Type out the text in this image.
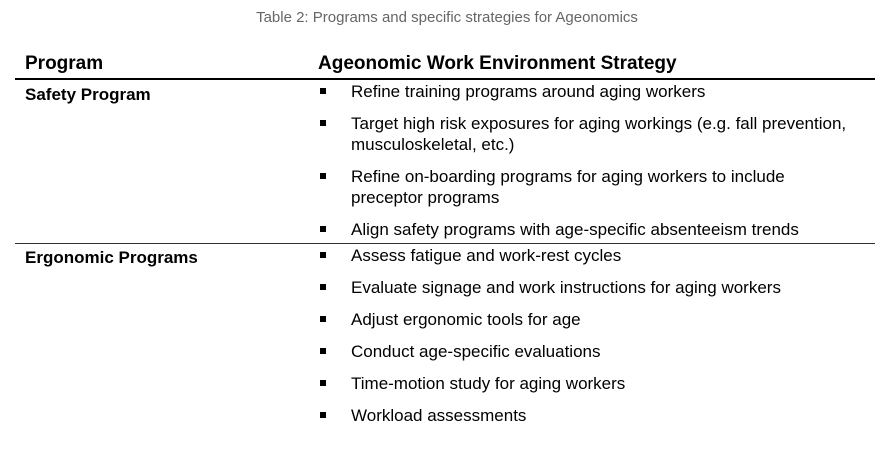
Table 2: Programs and specific strategies for Ageonomics
Program	Ageonomic Work Environment Strategy
Safety Program	Refine training programs around aging workers
Target high risk exposures for aging workings (e.g. fall prevention, musculoskeletal, etc.)
Refine on-boarding programs for aging workers to include preceptor programs
Align safety programs with age-specific absenteeism trends
Ergonomic Programs	Assess fatigue and work-rest cycles
Evaluate signage and work instructions for aging workers
Adjust ergonomic tools for age
Conduct age-specific evaluations
Time-motion study for aging workers
Workload assessments
